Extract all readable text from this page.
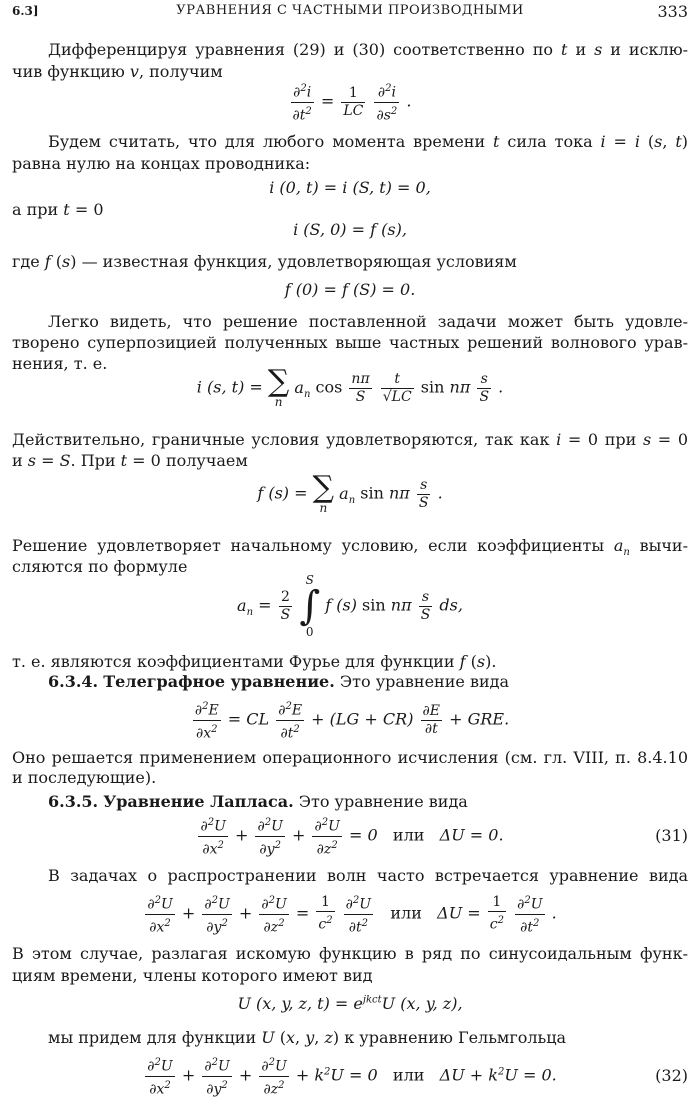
6.3]	УРАВНЕНИЯ С ЧАСТНЫМИ ПРОИЗВОДНЫМИ	333
Дифференцируя уравнения (29) и (30) соответственно по t и s и исклю-
чив функцию v, получим
$\frac{\partial^2i}{\partial t^2} = \frac{1}{LC}$
$\frac{\partial^2i}{\partial s^2}$ .
Будем считать, что для любого момента времени t сила тока i = i (s, t)
равна нулю на концах проводника:
i (0, t) = i (S, t) = 0,
а при t = 0
i (S, 0) = f (s),
где f (s) — известная функция, удовлетворяющая условиям
f (0) = f (S) = 0.
Легко видеть, что решение поставленной задачи может быть удовле-
творено суперпозицией полученных выше частных решений волнового урав-
нения, т. е.
i (s, t) = ∑
n
$a_n$ $\cos \frac{n\pi}{S}$
$\frac{t}{√LC}$ sin nπ $\frac{s}{S}$ .
Действительно, граничные условия удовлетворяются, так как i = 0 при s = 0
и s = S. При t = 0 получаем
f (s) = ∑
n
$a_n$ sin nπ $\frac{s}{S}$ .
Решение удовлетворяет начальному условию, если коэффициенты $a_n$ вычи-
сляются по формуле
$a_n = \frac{2}{S}$

S
∫
0
f (s) sin nπ $\frac{s}{S}$ ds,
т. е. являются коэффициентами Фурье для функции f (s).
6.3.4. Телеграфное уравнение. Это уравнение вида
$\frac{\partial^2E}{\partial x^2}$ = CL $\frac{\partial^2E}{\partial t^2} + (LG + CR) \frac{\partial E}{\partial t}$ + GRE.
Оно решается применением операционного исчисления (см. гл. VIII, п. 8.4.10
и последующие).
6.3.5. Уравнение Лапласа. Это уравнение вида
$\frac{\partial^2U}{\partial x^2} + \frac{\partial^2U}{\partial y^2} + \frac{\partial^2U}{\partial z^2} = 0$   или   ΔU = 0.	(31)
В задачах о распространении волн часто встречается уравнение вида
$\frac{\partial^2U}{\partial x^2} + \frac{\partial^2U}{\partial y^2} + \frac{\partial^2U}{\partial z^2} = \frac{1}{c^2}$
$\frac{\partial^2U}{\partial t^2}$ или   $\Delta U = \frac{1}{c^2}$
$\frac{\partial^2U}{\partial t^2}$ .
В этом случае, разлагая искомую функцию в ряд по синусоидальным функ-
циям времени, члены которого имеют вид
U (x, y, z, $t) = e^{jkct}U$ (x, y, z),
мы придем для функции U (x, y, z) к уравнению Гельмгольца
$\frac{\partial^2U}{\partial x^2} + \frac{\partial^2U}{\partial y^2} + \frac{\partial^2U}{\partial z^2} + k^2U = 0$   или   $\Delta U + k^2U = 0$.	(32)
